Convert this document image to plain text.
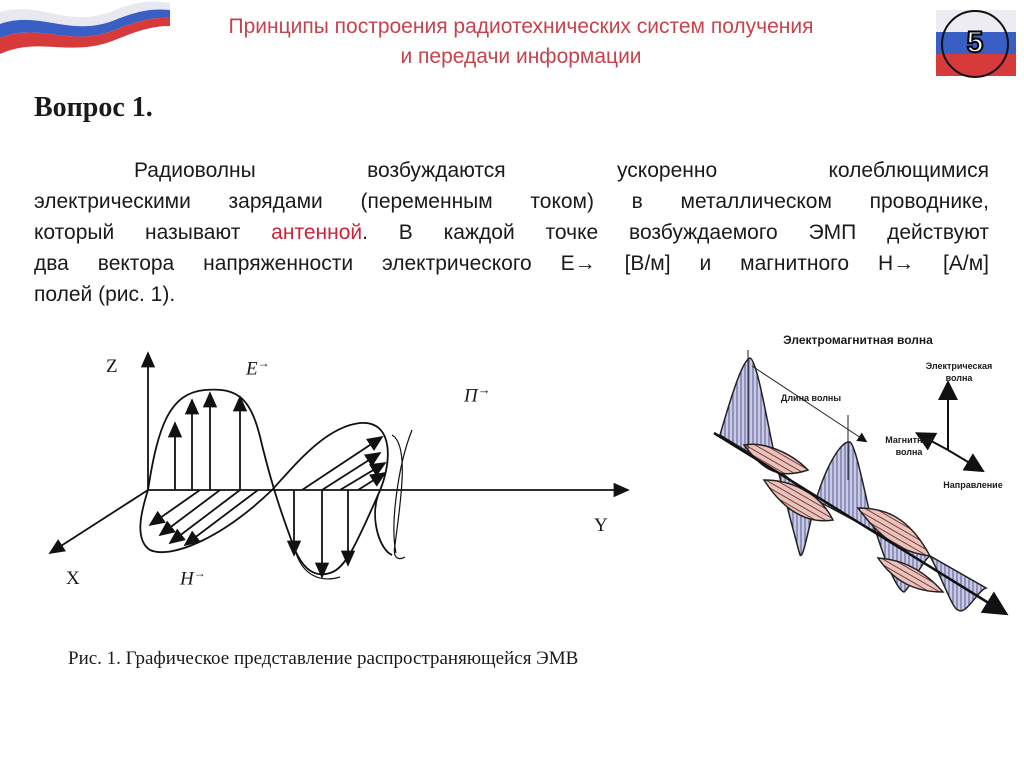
Принципы построения радиотехнических систем получения
и передачи информации	5
Вопрос 1.
Радиоволны возбуждаются ускоренно колеблющимися
электрическими зарядами (переменным током) в металлическом проводнике,
который называют антенной. В каждой точке возбуждаемого ЭМП действуют
два вектора напряженности электрического E→ [В/м] и магнитного H→ [А/м]
полей (рис. 1).
Z
Y
X
E→
H→
П→
Электромагнитная волна
Длина волны
Электрическая
волна
Магнитная
волна
Направление
Рис. 1. Графическое представление распространяющейся ЭМВ
